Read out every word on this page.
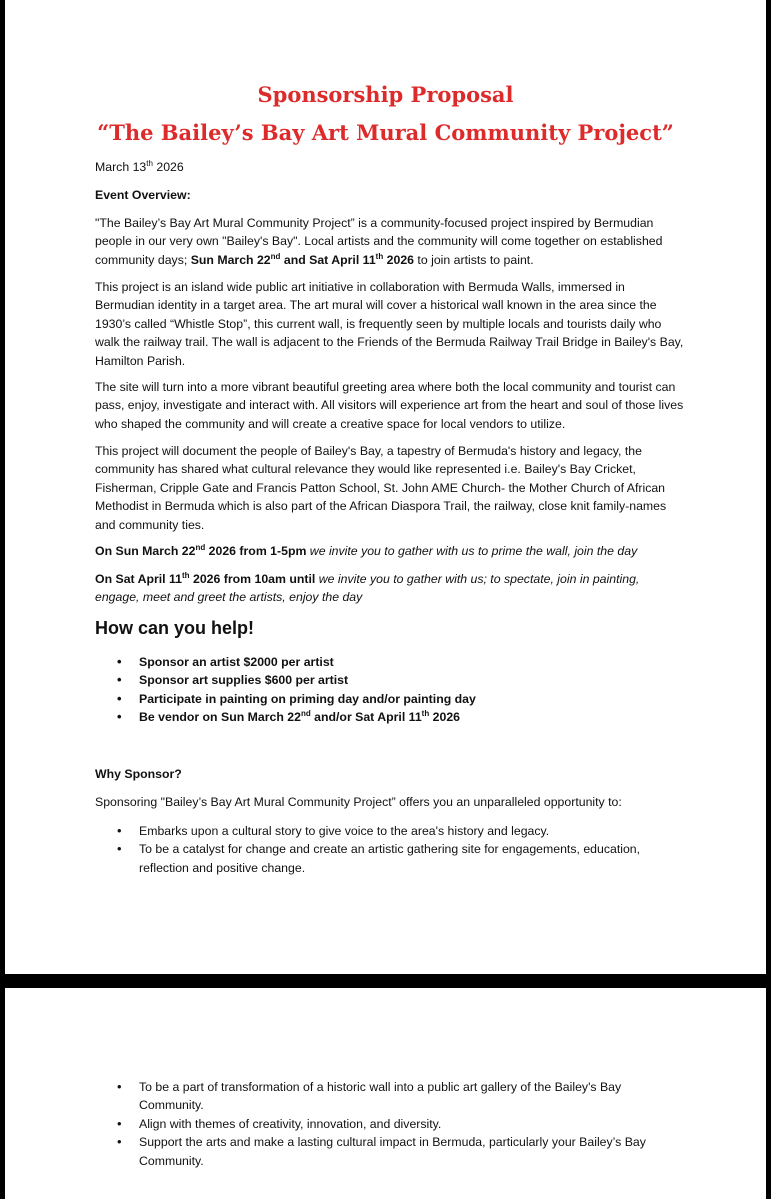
Sponsorship Proposal
“The Bailey’s Bay Art Mural Community Project”

March 13th 2026

Event Overview:

"The Bailey’s Bay Art Mural Community Project” is a community-focused project inspired by Bermudian people in our very own "Bailey's Bay". Local artists and the community will come together on established community days; Sun March 22nd and Sat April 11th 2026 to join artists to paint.

This project is an island wide public art initiative in collaboration with Bermuda Walls, immersed in Bermudian identity in a target area. The art mural will cover a historical wall known in the area since the 1930’s called “Whistle Stop”, this current wall, is frequently seen by multiple locals and tourists daily who walk the railway trail. The wall is adjacent to the Friends of the Bermuda Railway Trail Bridge in Bailey's Bay, Hamilton Parish.

The site will turn into a more vibrant beautiful greeting area where both the local community and tourist can pass, enjoy, investigate and interact with. All visitors will experience art from the heart and soul of those lives who shaped the community and will create a creative space for local vendors to utilize.

This project will document the people of Bailey's Bay, a tapestry of Bermuda's history and legacy, the community has shared what cultural relevance they would like represented i.e. Bailey's Bay Cricket, Fisherman, Cripple Gate and Francis Patton School, St. John AME Church- the Mother Church of African Methodist in Bermuda which is also part of the African Diaspora Trail, the railway, close knit family-names and community ties.

On Sun March 22nd 2026 from 1-5pm we invite you to gather with us to prime the wall, join the day

On Sat April 11th 2026 from 10am until we invite you to gather with us; to spectate, join in painting, engage, meet and greet the artists, enjoy the day

How can you help!
• Sponsor an artist $2000 per artist
• Sponsor art supplies $600 per artist
• Participate in painting on priming day and/or painting day
• Be vendor on Sun March 22nd and/or Sat April 11th 2026

Why Sponsor?

Sponsoring "Bailey’s Bay Art Mural Community Project” offers you an unparalleled opportunity to:

• Embarks upon a cultural story to give voice to the area's history and legacy.
• To be a catalyst for change and create an artistic gathering site for engagements, education, reflection and positive change.
• To be a part of transformation of a historic wall into a public art gallery of the Bailey's Bay Community.
• Align with themes of creativity, innovation, and diversity.
• Support the arts and make a lasting cultural impact in Bermuda, particularly your Bailey’s Bay Community.
